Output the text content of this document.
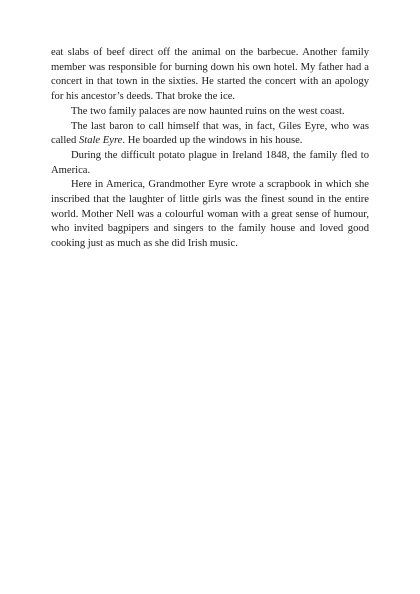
eat slabs of beef direct off the animal on the barbecue. Another family member was responsible for burning down his own hotel. My father had a concert in that town in the sixties. He started the concert with an apology for his ancestor’s deeds. That broke the ice.

The two family palaces are now haunted ruins on the west coast.

The last baron to call himself that was, in fact, Giles Eyre, who was called Stale Eyre. He boarded up the windows in his house.

During the difficult potato plague in Ireland 1848, the family fled to America.

Here in America, Grandmother Eyre wrote a scrapbook in which she inscribed that the laughter of little girls was the finest sound in the entire world. Mother Nell was a colourful woman with a great sense of humour, who invited bagpipers and singers to the family house and loved good cooking just as much as she did Irish music.
